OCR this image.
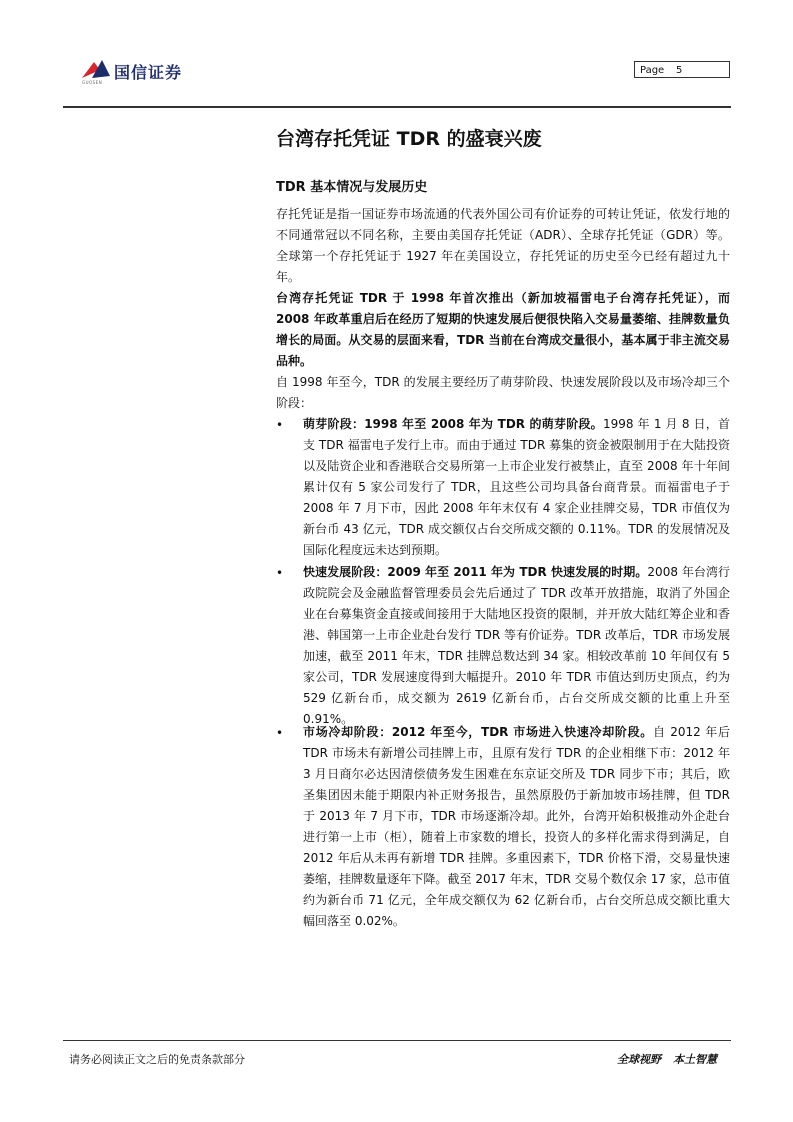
国信证券
GUOSEN
Page 5
台湾存托凭证 TDR 的盛衰兴废
TDR 基本情况与发展历史

存托凭证是指一国证券市场流通的代表外国公司有价证券的可转让凭证，依发行地的不同通常冠以不同名称，主要由美国存托凭证（ADR）、全球存托凭证（GDR）等。全球第一个存托凭证于 1927 年在美国设立，存托凭证的历史至今已经有超过九十年。

台湾存托凭证 TDR 于 1998 年首次推出（新加坡福雷电子台湾存托凭证），而 2008 年政革重启后在经历了短期的快速发展后便很快陷入交易量萎缩、挂牌数量负增长的局面。从交易的层面来看，TDR 当前在台湾成交量很小，基本属于非主流交易品种。

自 1998 年至今，TDR 的发展主要经历了萌芽阶段、快速发展阶段以及市场冷却三个阶段：

• 萌芽阶段：1998 年至 2008 年为 TDR 的萌芽阶段。1998 年 1 月 8 日，首支 TDR 福雷电子发行上市。而由于通过 TDR 募集的资金被限制用于在大陆投资以及陆资企业和香港联合交易所第一上市企业发行被禁止，直至 2008 年十年间累计仅有 5 家公司发行了 TDR，且这些公司均具备台商背景。而福雷电子于 2008 年 7 月下市，因此 2008 年年末仅有 4 家企业挂牌交易，TDR 市值仅为新台币 43 亿元，TDR 成交额仅占台交所成交额的 0.11%。TDR 的发展情况及国际化程度远未达到预期。

• 快速发展阶段：2009 年至 2011 年为 TDR 快速发展的时期。2008 年台湾行政院院会及金融监督管理委员会先后通过了 TDR 改革开放措施，取消了外国企业在台募集资金直接或间接用于大陆地区投资的限制，并开放大陆红筹企业和香港、韩国第一上市企业赴台发行 TDR 等有价证券。TDR 改革后，TDR 市场发展加速，截至 2011 年末，TDR 挂牌总数达到 34 家。相较改革前 10 年间仅有 5 家公司，TDR 发展速度得到大幅提升。2010 年 TDR 市值达到历史顶点，约为 529 亿新台币，成交额为 2619 亿新台币，占台交所成交额的比重上升至 0.91%。

• 市场冷却阶段：2012 年至今，TDR 市场进入快速冷却阶段。自 2012 年后 TDR 市场未有新增公司挂牌上市，且原有发行 TDR 的企业相继下市：2012 年 3 月日商尔必达因清偿债务发生困难在东京证交所及 TDR 同步下市；其后，欧圣集团因未能于期限内补正财务报告，虽然原股仍于新加坡市场挂牌，但 TDR 于 2013 年 7 月下市，TDR 市场逐渐冷却。此外，台湾开始积极推动外企赴台进行第一上市（柜），随着上市家数的增长，投资人的多样化需求得到满足，自 2012 年后从未再有新增 TDR 挂牌。多重因素下，TDR 价格下滑，交易量快速萎缩，挂牌数量逐年下降。截至 2017 年末，TDR 交易个数仅余 17 家，总市值约为新台币 71 亿元，全年成交额仅为 62 亿新台币，占台交所总成交额比重大幅回落至 0.02%。

请务必阅读正文之后的免责条款部分	全球视野 本土智慧
